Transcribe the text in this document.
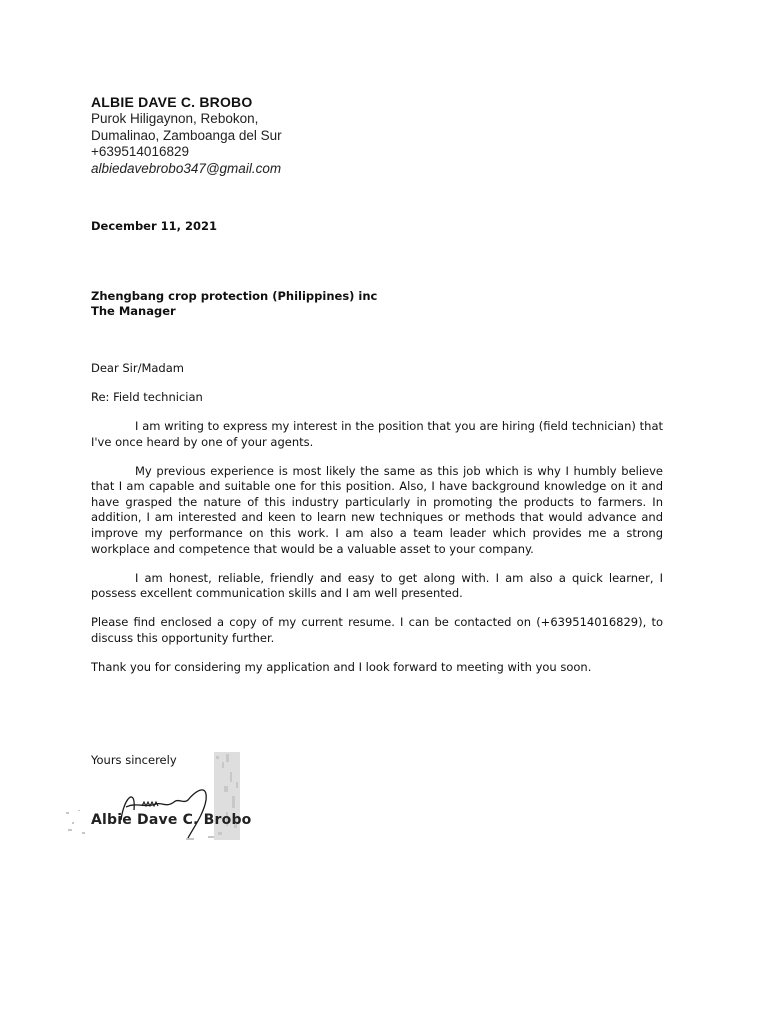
ALBIE DAVE C. BROBO
Purok Hiligaynon, Rebokon,
Dumalinao, Zamboanga del Sur
+639514016829
albiedavebrobo347@gmail.com
December 11, 2021
Zhengbang crop protection (Philippines) inc
The Manager
Dear Sir/Madam
Re: Field technician

I am writing to express my interest in the position that you are hiring (field technician) that I've once heard by one of your agents.

My previous experience is most likely the same as this job which is why I humbly believe that I am capable and suitable one for this position. Also, I have background knowledge on it and have grasped the nature of this industry particularly in promoting the products to farmers. In addition, I am interested and keen to learn new techniques or methods that would advance and improve my performance on this work. I am also a team leader which provides me a strong workplace and competence that would be a valuable asset to your company.

I am honest, reliable, friendly and easy to get along with. I am also a quick learner, I possess excellent communication skills and I am well presented.

Please find enclosed a copy of my current resume. I can be contacted on (+639514016829), to discuss this opportunity further.

Thank you for considering my application and I look forward to meeting with you soon.

Yours sincerely
Albie Dave C. Brobo
